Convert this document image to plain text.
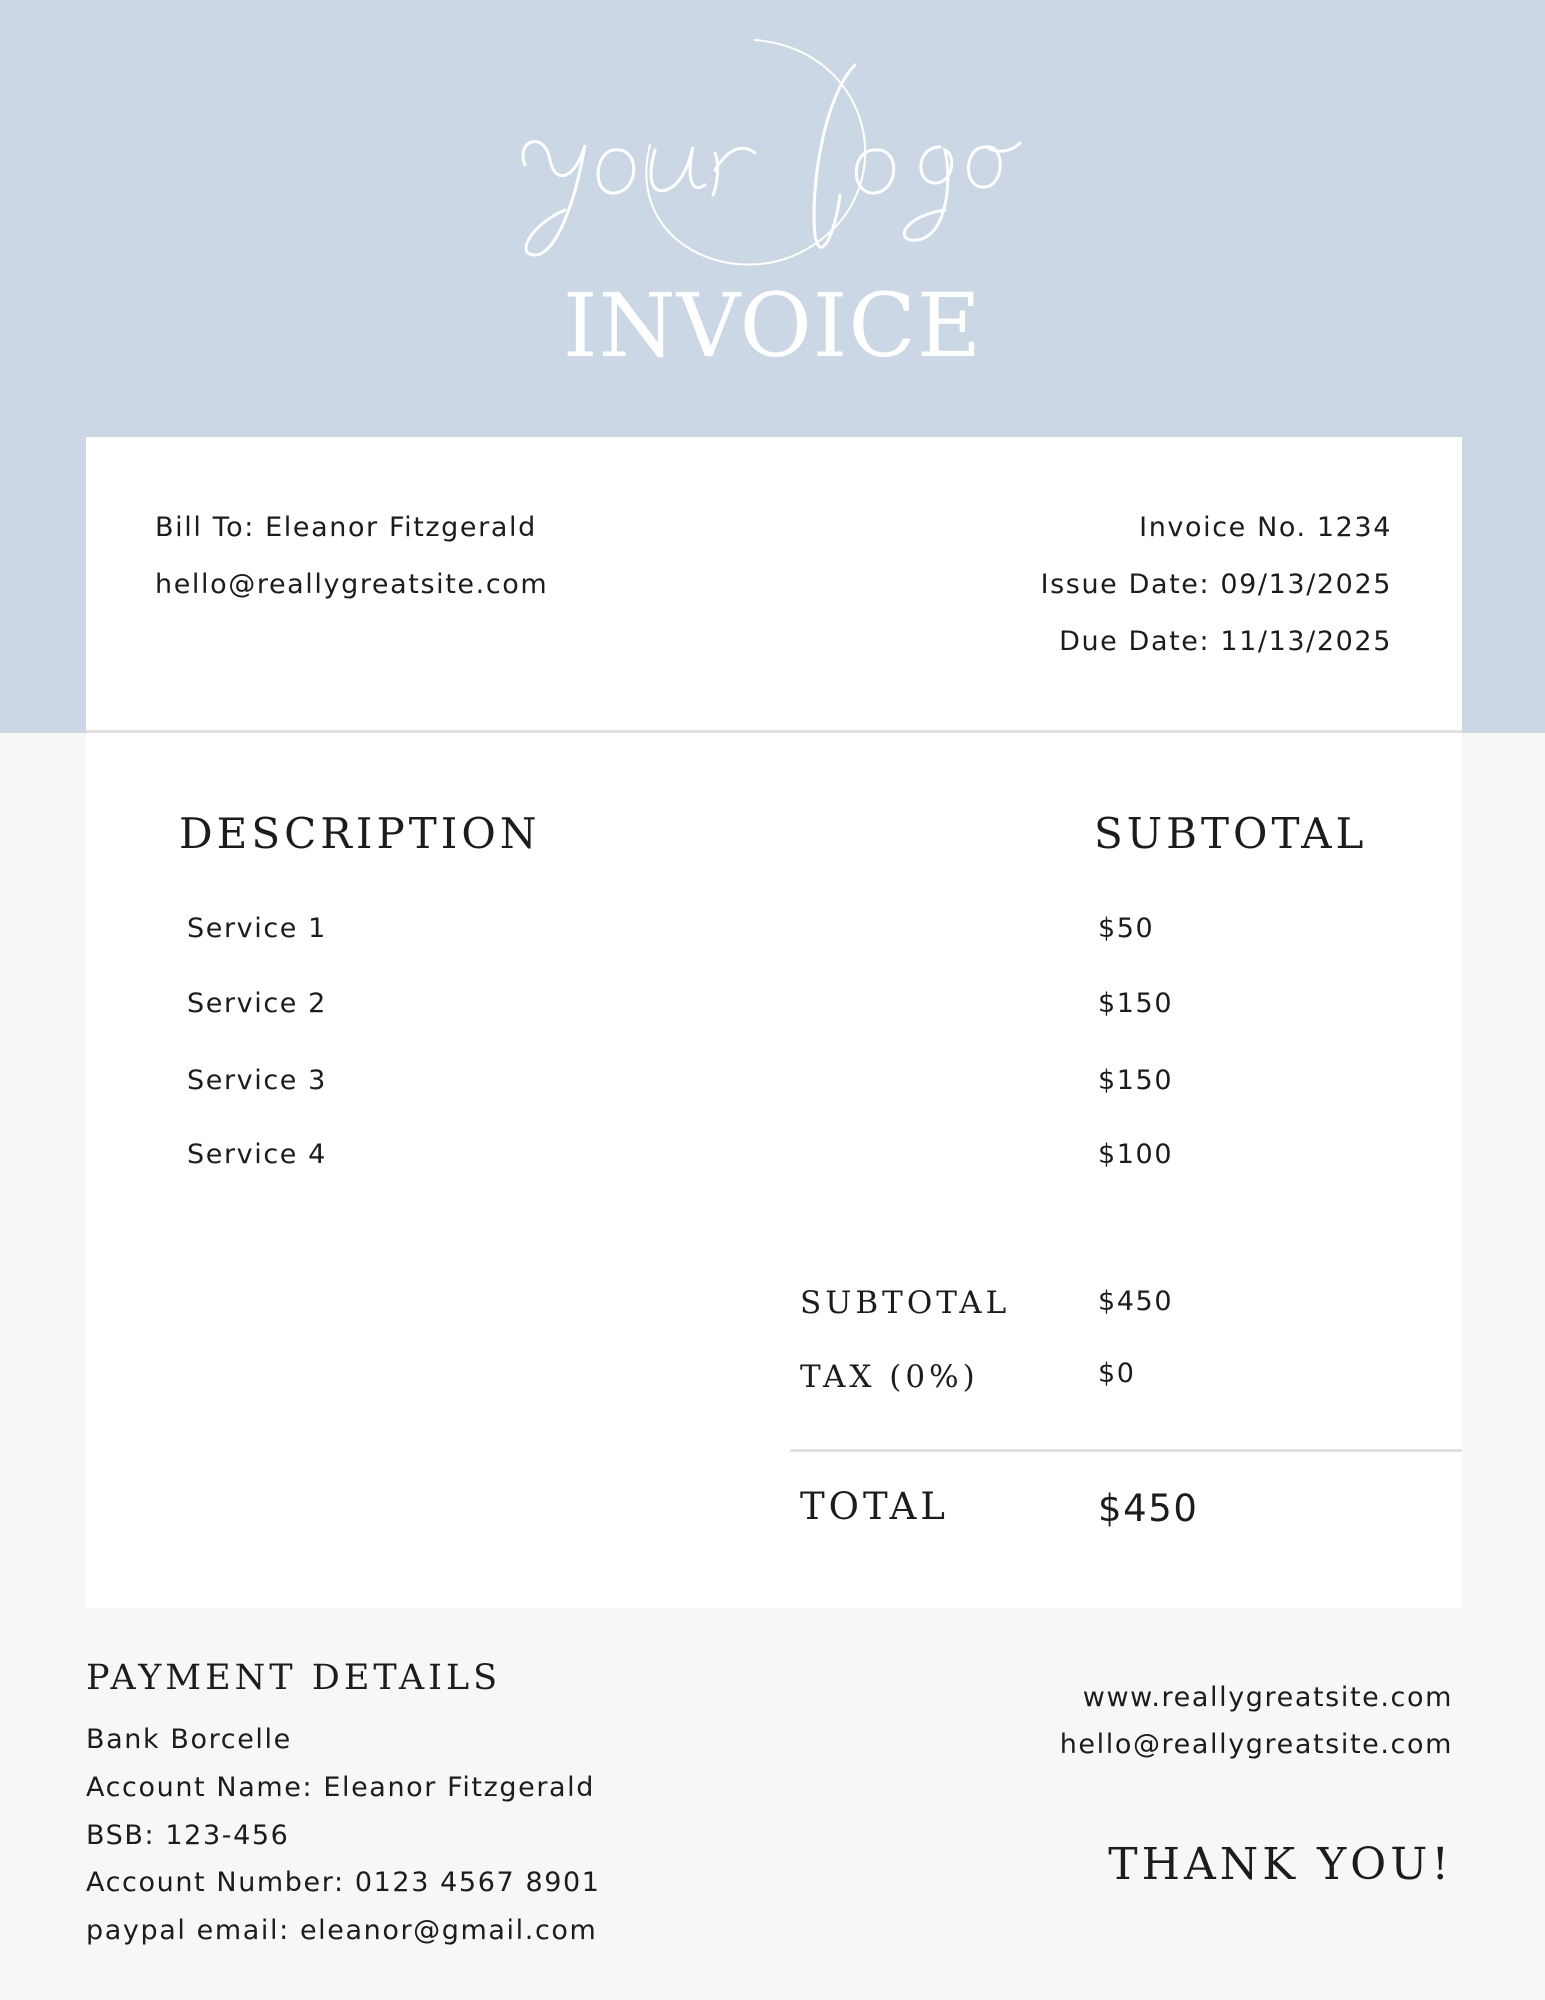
INVOICE
Bill To: Eleanor Fitzgerald
hello@reallygreatsite.com
Invoice No. 1234
Issue Date: 09/13/2025
Due Date: 11/13/2025
DESCRIPTION	SUBTOTAL
Service 1	$50
Service 2	$150
Service 3	$150
Service 4	$100
SUBTOTAL	$450
TAX (0%)	$0
TOTAL	$450
PAYMENT DETAILS
Bank Borcelle
Account Name: Eleanor Fitzgerald
BSB: 123-456
Account Number: 0123 4567 8901
paypal email: eleanor@gmail.com
www.reallygreatsite.com
hello@reallygreatsite.com
THANK YOU!
